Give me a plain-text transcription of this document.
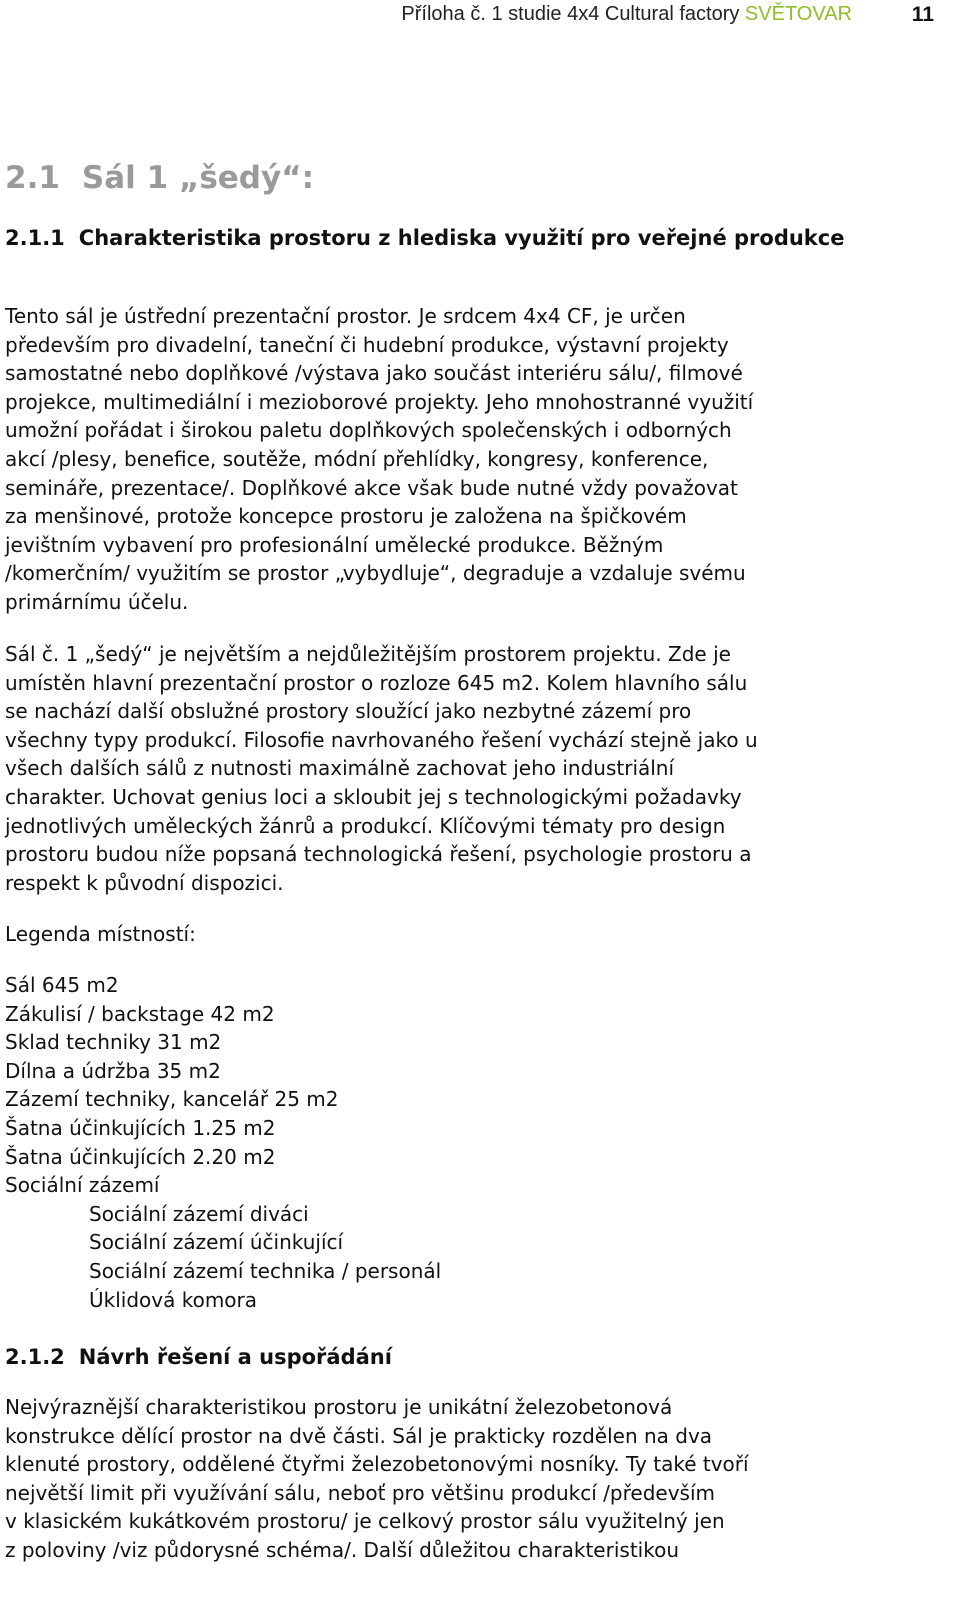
Příloha č. 1 studie 4x4 Cultural factory SVĚTOVAR	11
2.1 Sál 1 „šedý“:
2.1.1 Charakteristika prostoru z hlediska využití pro veřejné produkce
Tento sál je ústřední prezentační prostor. Je srdcem 4x4 CF, je určen
především pro divadelní, taneční či hudební produkce, výstavní projekty
samostatné nebo doplňkové /výstava jako součást interiéru sálu/, filmové
projekce, multimediální i mezioborové projekty. Jeho mnohostranné využití
umožní pořádat i širokou paletu doplňkových společenských i odborných
akcí /plesy, benefice, soutěže, módní přehlídky, kongresy, konference,
semináře, prezentace/. Doplňkové akce však bude nutné vždy považovat
za menšinové, protože koncepce prostoru je založena na špičkovém
jevištním vybavení pro profesionální umělecké produkce. Běžným
/komerčním/ využitím se prostor „vybydluje“, degraduje a vzdaluje svému
primárnímu účelu.
Sál č. 1 „šedý“ je největším a nejdůležitějším prostorem projektu. Zde je
umístěn hlavní prezentační prostor o rozloze 645 m2. Kolem hlavního sálu
se nachází další obslužné prostory sloužící jako nezbytné zázemí pro
všechny typy produkcí. Filosofie navrhovaného řešení vychází stejně jako u
všech dalších sálů z nutnosti maximálně zachovat jeho industriální
charakter. Uchovat genius loci a skloubit jej s technologickými požadavky
jednotlivých uměleckých žánrů a produkcí. Klíčovými tématy pro design
prostoru budou níže popsaná technologická řešení, psychologie prostoru a
respekt k původní dispozici.
Legenda místností:
Sál 645 m2
Zákulisí / backstage 42 m2
Sklad techniky 31 m2
Dílna a údržba 35 m2
Zázemí techniky, kancelář 25 m2
Šatna účinkujících 1.25 m2
Šatna účinkujících 2.20 m2
Sociální zázemí
Sociální zázemí diváci
Sociální zázemí účinkující
Sociální zázemí technika / personál
Úklidová komora
2.1.2 Návrh řešení a uspořádání
Nejvýraznější charakteristikou prostoru je unikátní železobetonová
konstrukce dělící prostor na dvě části. Sál je prakticky rozdělen na dva
klenuté prostory, oddělené čtyřmi železobetonovými nosníky. Ty také tvoří
největší limit při využívání sálu, neboť pro většinu produkcí /především
v klasickém kukátkovém prostoru/ je celkový prostor sálu využitelný jen
z poloviny /viz půdorysné schéma/. Další důležitou charakteristikou
